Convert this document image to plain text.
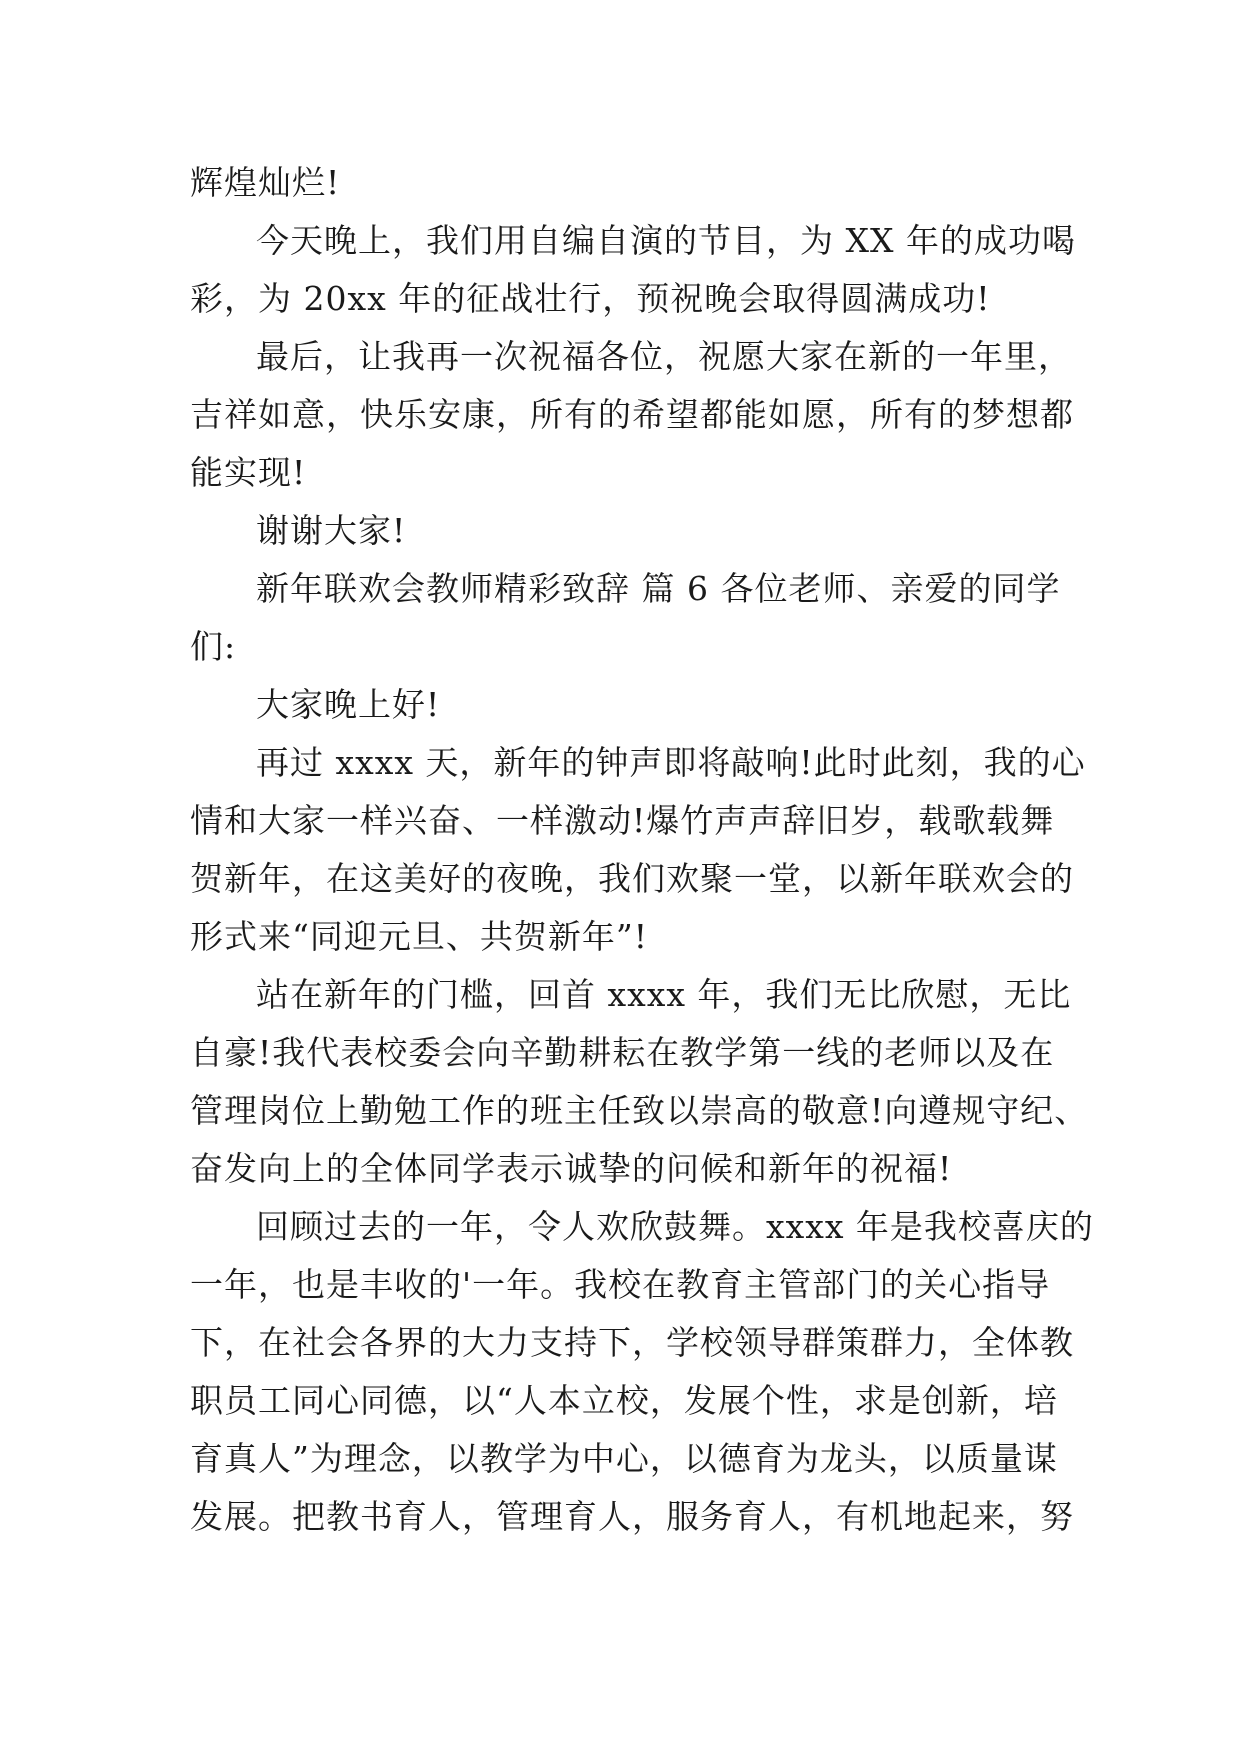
辉煌灿烂!
今天晚上，我们用自编自演的节目，为 XX 年的成功喝
彩，为 20xx 年的征战壮行，预祝晚会取得圆满成功!
最后，让我再一次祝福各位，祝愿大家在新的一年里，
吉祥如意，快乐安康，所有的希望都能如愿，所有的梦想都
能实现!
谢谢大家!
新年联欢会教师精彩致辞 篇 6 各位老师、亲爱的同学
们:
大家晚上好!
再过 xxxx 天，新年的钟声即将敲响!此时此刻，我的心
情和大家一样兴奋、一样激动!爆竹声声辞旧岁，载歌载舞
贺新年，在这美好的夜晚，我们欢聚一堂，以新年联欢会的
形式来“同迎元旦、共贺新年”!
站在新年的门槛，回首 xxxx 年，我们无比欣慰，无比
自豪!我代表校委会向辛勤耕耘在教学第一线的老师以及在
管理岗位上勤勉工作的班主任致以崇高的敬意!向遵规守纪、
奋发向上的全体同学表示诚挚的问候和新年的祝福!
回顾过去的一年，令人欢欣鼓舞。xxxx 年是我校喜庆的
一年，也是丰收的'一年。我校在教育主管部门的关心指导
下，在社会各界的大力支持下，学校领导群策群力，全体教
职员工同心同德，以“人本立校，发展个性，求是创新，培
育真人”为理念，以教学为中心，以德育为龙头，以质量谋
发展。把教书育人，管理育人，服务育人，有机地起来，努
